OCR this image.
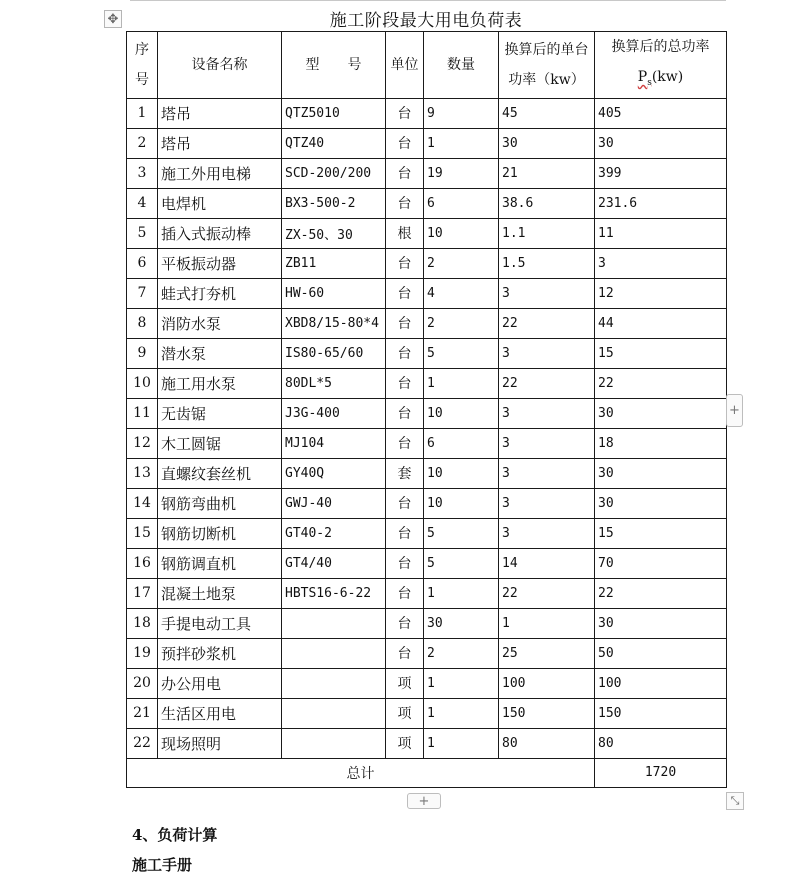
✥	施工阶段最大用电负荷表
序号	设备名称	型　　号	单位	数量	换算后的单台功率（kw）	换算后的总功率
$P_s(kw)$
1	塔吊	QTZ5010	台	9	45	405
2	塔吊	QTZ40	台	1	30	30
3	施工外用电梯	SCD-200/200	台	19	21	399
4	电焊机	BX3-500-2	台	6	38.6	231.6
5	插入式振动棒	ZX-50、30	根	10	1.1	11
6	平板振动器	ZB11	台	2	1.5	3
7	蛙式打夯机	HW-60	台	4	3	12
8	消防水泵	XBD8/15-80*4	台	2	22	44
9	潜水泵	IS80-65/60	台	5	3	15
10	施工用水泵	80DL*5	台	1	22	22
11	无齿锯	J3G-400	台	10	3	30
12	木工圆锯	MJ104	台	6	3	18
13	直螺纹套丝机	GY40Q	套	10	3	30
14	钢筋弯曲机	GWJ-40	台	10	3	30
15	钢筋切断机	GT40-2	台	5	3	15
16	钢筋调直机	GT4/40	台	5	14	70
17	混凝土地泵	HBTS16-6-22	台	1	22	22
18	手提电动工具		台	30	1	30
19	预拌砂浆机		台	2	25	50
20	办公用电		项	1	100	100
21	生活区用电		项	1	150	150
22	现场照明		项	1	80	80
总计						1720
+
+	⤡
4、负荷计算
施工手册
